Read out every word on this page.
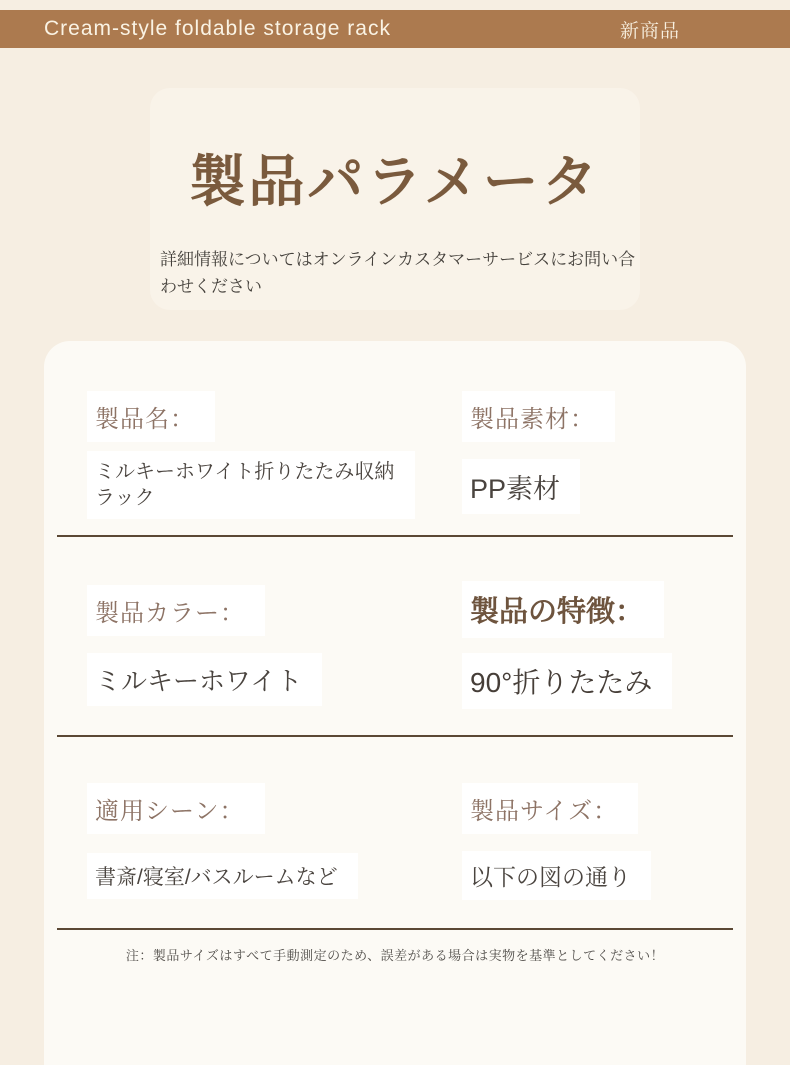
Cream-style foldable storage rack	新商品
製品パラメータ
詳細情報についてはオンラインカスタマーサービスにお問い合わせください
製品名：	製品素材：
ミルキーホワイト折りたたみ収納ラック	PP素材
製品カラー：	製品の特徴：
ミルキーホワイト	90°折りたたみ
適用シーン：	製品サイズ：
書斎/寝室/バスルームなど	以下の図の通り
注：製品サイズはすべて手動測定のため、誤差がある場合は実物を基準としてください！
